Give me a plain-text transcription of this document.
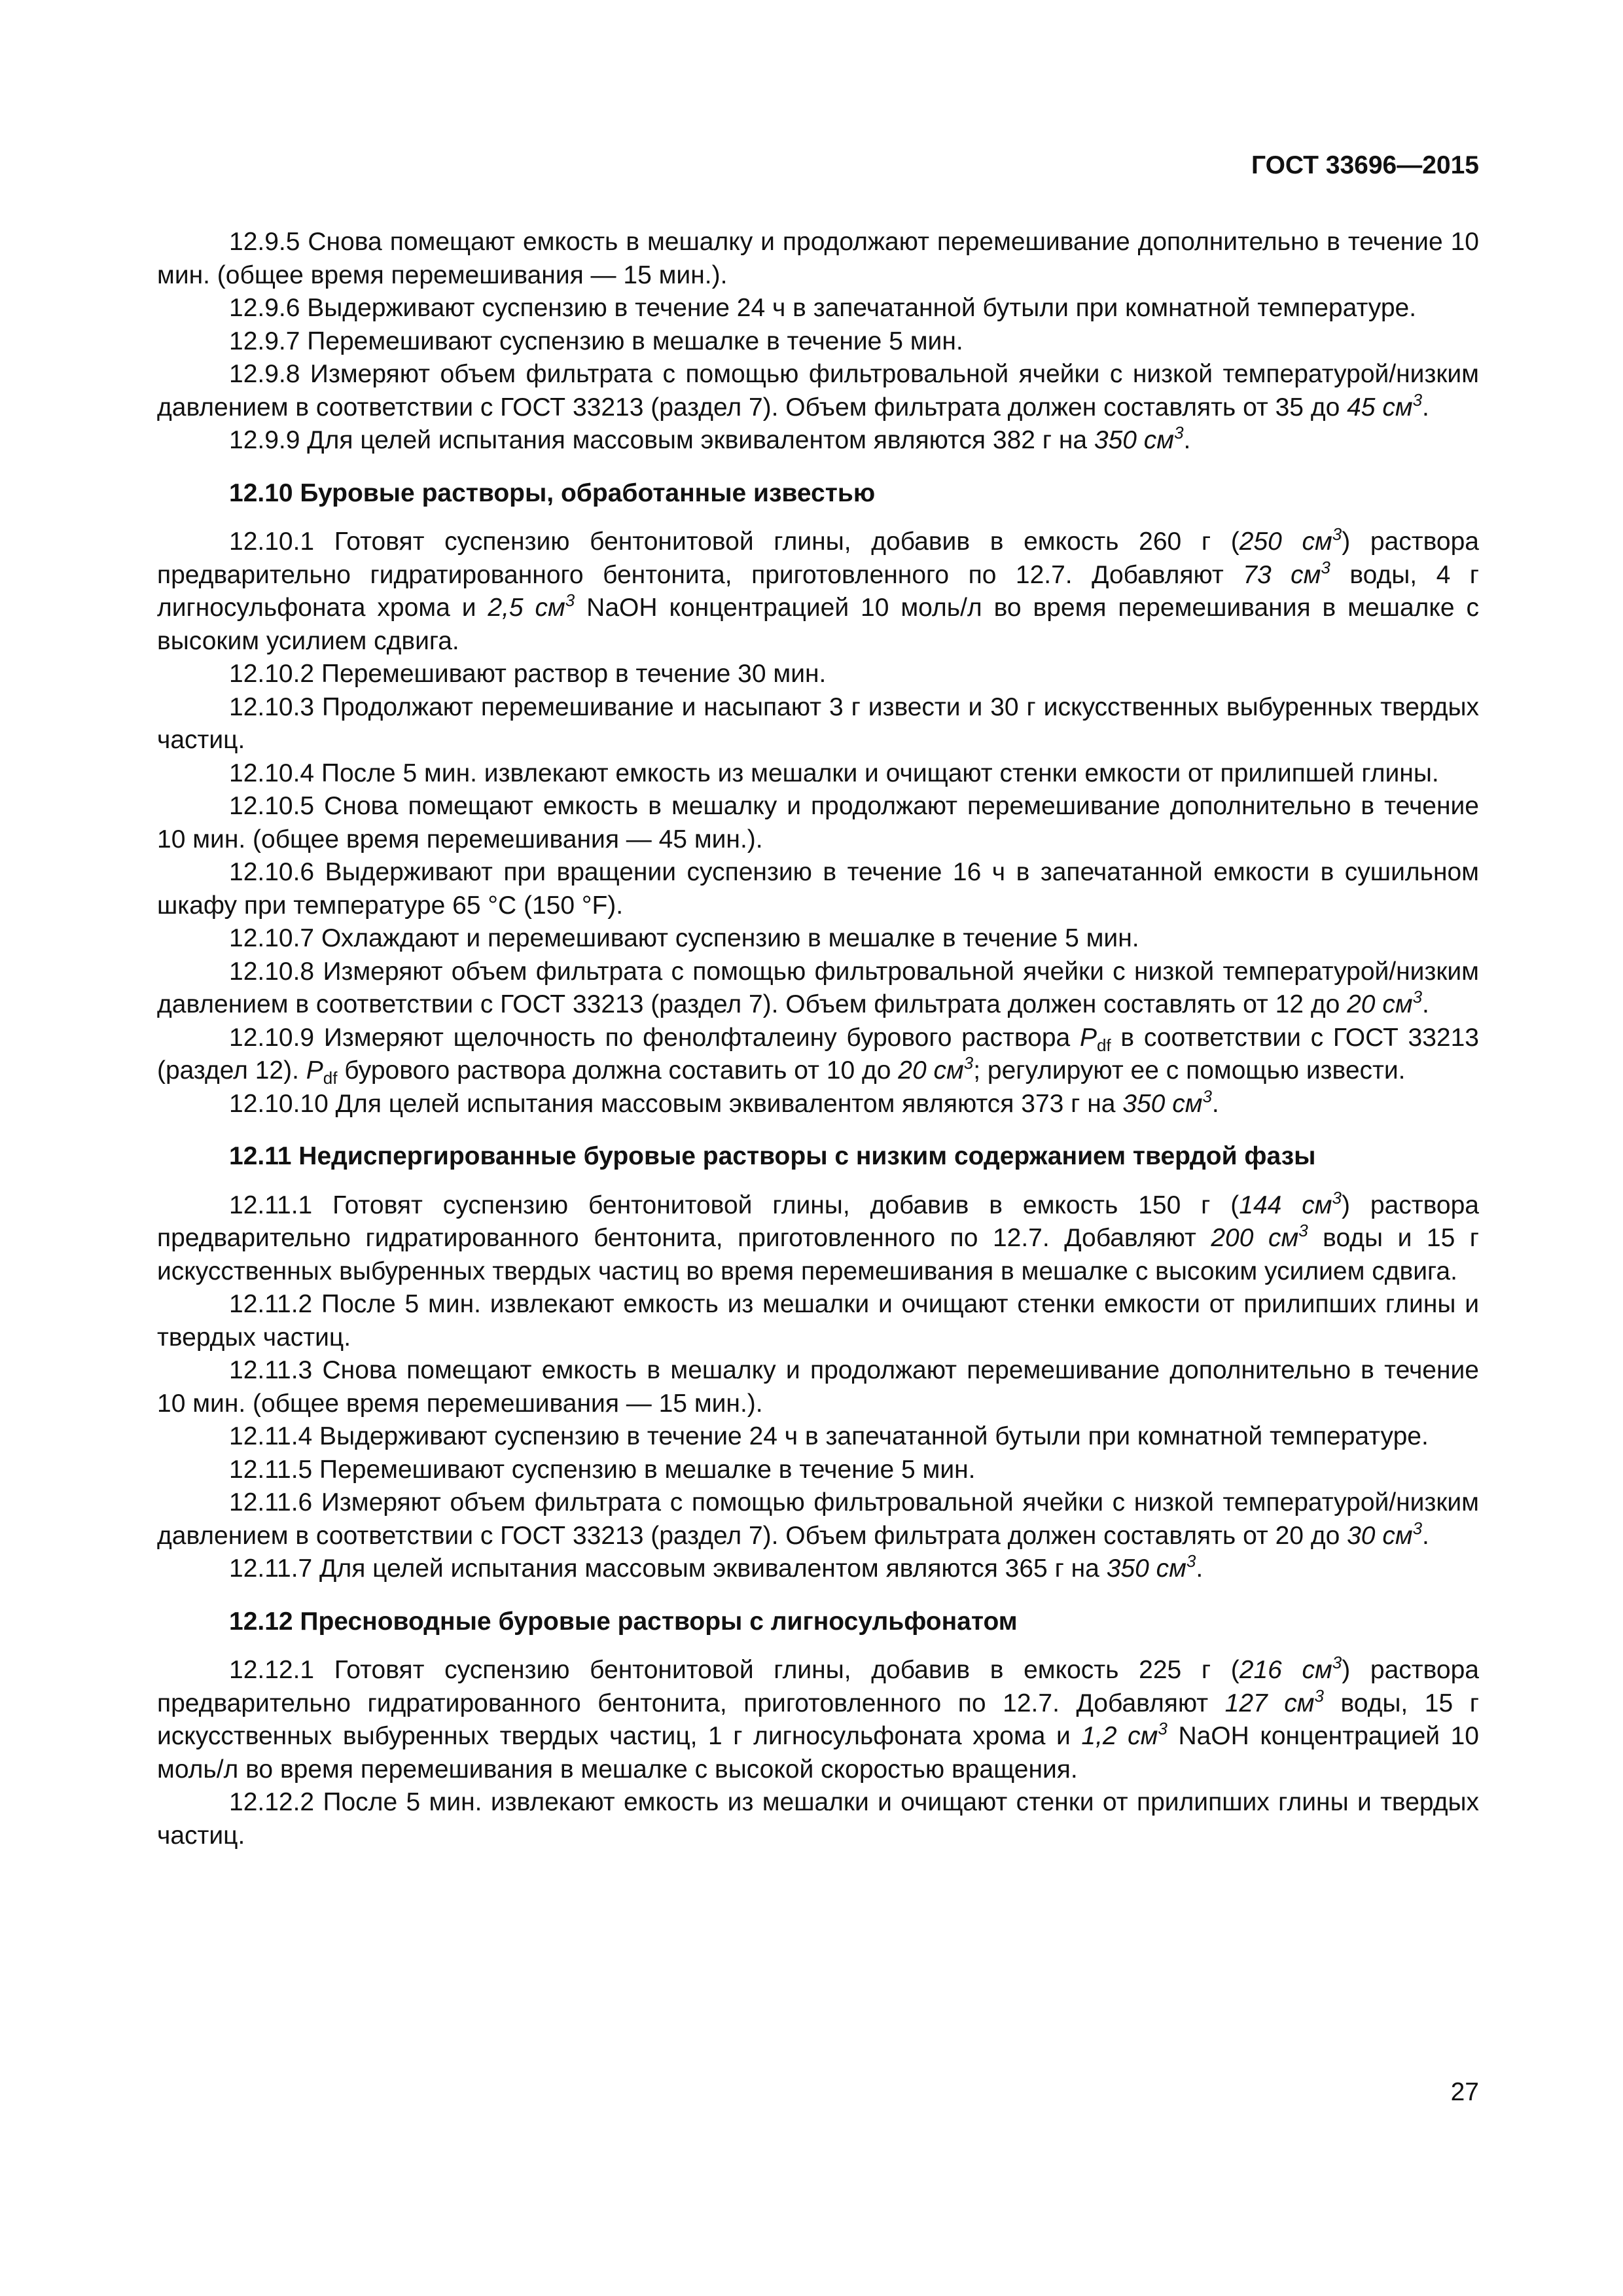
ГОСТ 33696—2015

12.9.5 Снова помещают емкость в мешалку и продолжают перемешивание дополнительно в течение 10 мин. (общее время перемешивания — 15 мин.).

12.9.6 Выдерживают суспензию в течение 24 ч в запечатанной бутыли при комнатной температуре.

12.9.7 Перемешивают суспензию в мешалке в течение 5 мин.

12.9.8 Измеряют объем фильтрата с помощью фильтровальной ячейки с низкой температурой/низким давлением в соответствии с ГОСТ 33213 (раздел 7). Объем фильтрата должен составлять от 35 до 45 $см^3$.

12.9.9 Для целей испытания массовым эквивалентом являются 382 г на 350 $см^3$.

12.10 Буровые растворы, обработанные известью

12.10.1 Готовят суспензию бентонитовой глины, добавив в емкость 260 г (250 $см^3$) раствора предварительно гидратированного бентонита, приготовленного по 12.7. Добавляют 73 $см^3$ воды, 4 г лигносульфоната хрома и 2,5 $см^3$ NaOH концентрацией 10 моль/л во время перемешивания в мешалке с высоким усилием сдвига.

12.10.2 Перемешивают раствор в течение 30 мин.

12.10.3 Продолжают перемешивание и насыпают 3 г извести и 30 г искусственных выбуренных твердых частиц.

12.10.4 После 5 мин. извлекают емкость из мешалки и очищают стенки емкости от прилипшей глины.

12.10.5 Снова помещают емкость в мешалку и продолжают перемешивание дополнительно в течение 10 мин. (общее время перемешивания — 45 мин.).

12.10.6 Выдерживают при вращении суспензию в течение 16 ч в запечатанной емкости в сушильном шкафу при температуре 65 °С (150 °F).

12.10.7 Охлаждают и перемешивают суспензию в мешалке в течение 5 мин.

12.10.8 Измеряют объем фильтрата с помощью фильтровальной ячейки с низкой температурой/низким давлением в соответствии с ГОСТ 33213 (раздел 7). Объем фильтрата должен составлять от 12 до 20 $см^3$.

12.10.9 Измеряют щелочность по фенолфталеину бурового раствора $P_{df}$ в соответствии с ГОСТ 33213 (раздел 12). $P_{df}$ бурового раствора должна составить от 10 до 20 $см^3$; регулируют ее с помощью извести.

12.10.10 Для целей испытания массовым эквивалентом являются 373 г на 350 $см^3$.

12.11 Недиспергированные буровые растворы с низким содержанием твердой фазы

12.11.1 Готовят суспензию бентонитовой глины, добавив в емкость 150 г (144 $см^3$) раствора предварительно гидратированного бентонита, приготовленного по 12.7. Добавляют 200 $см^3$ воды и 15 г искусственных выбуренных твердых частиц во время перемешивания в мешалке с высоким усилием сдвига.

12.11.2 После 5 мин. извлекают емкость из мешалки и очищают стенки емкости от прилипших глины и твердых частиц.

12.11.3 Снова помещают емкость в мешалку и продолжают перемешивание дополнительно в течение 10 мин. (общее время перемешивания — 15 мин.).

12.11.4 Выдерживают суспензию в течение 24 ч в запечатанной бутыли при комнатной температуре.

12.11.5 Перемешивают суспензию в мешалке в течение 5 мин.

12.11.6 Измеряют объем фильтрата с помощью фильтровальной ячейки с низкой температурой/низким давлением в соответствии с ГОСТ 33213 (раздел 7). Объем фильтрата должен составлять от 20 до 30 $см^3$.

12.11.7 Для целей испытания массовым эквивалентом являются 365 г на 350 $см^3$.

12.12 Пресноводные буровые растворы с лигносульфонатом

12.12.1 Готовят суспензию бентонитовой глины, добавив в емкость 225 г (216 $см^3$) раствора предварительно гидратированного бентонита, приготовленного по 12.7. Добавляют 127 $см^3$ воды, 15 г искусственных выбуренных твердых частиц, 1 г лигносульфоната хрома и 1,2 $см^3$ NaOH концентрацией 10 моль/л во время перемешивания в мешалке с высокой скоростью вращения.

12.12.2 После 5 мин. извлекают емкость из мешалки и очищают стенки от прилипших глины и твердых частиц.

27
